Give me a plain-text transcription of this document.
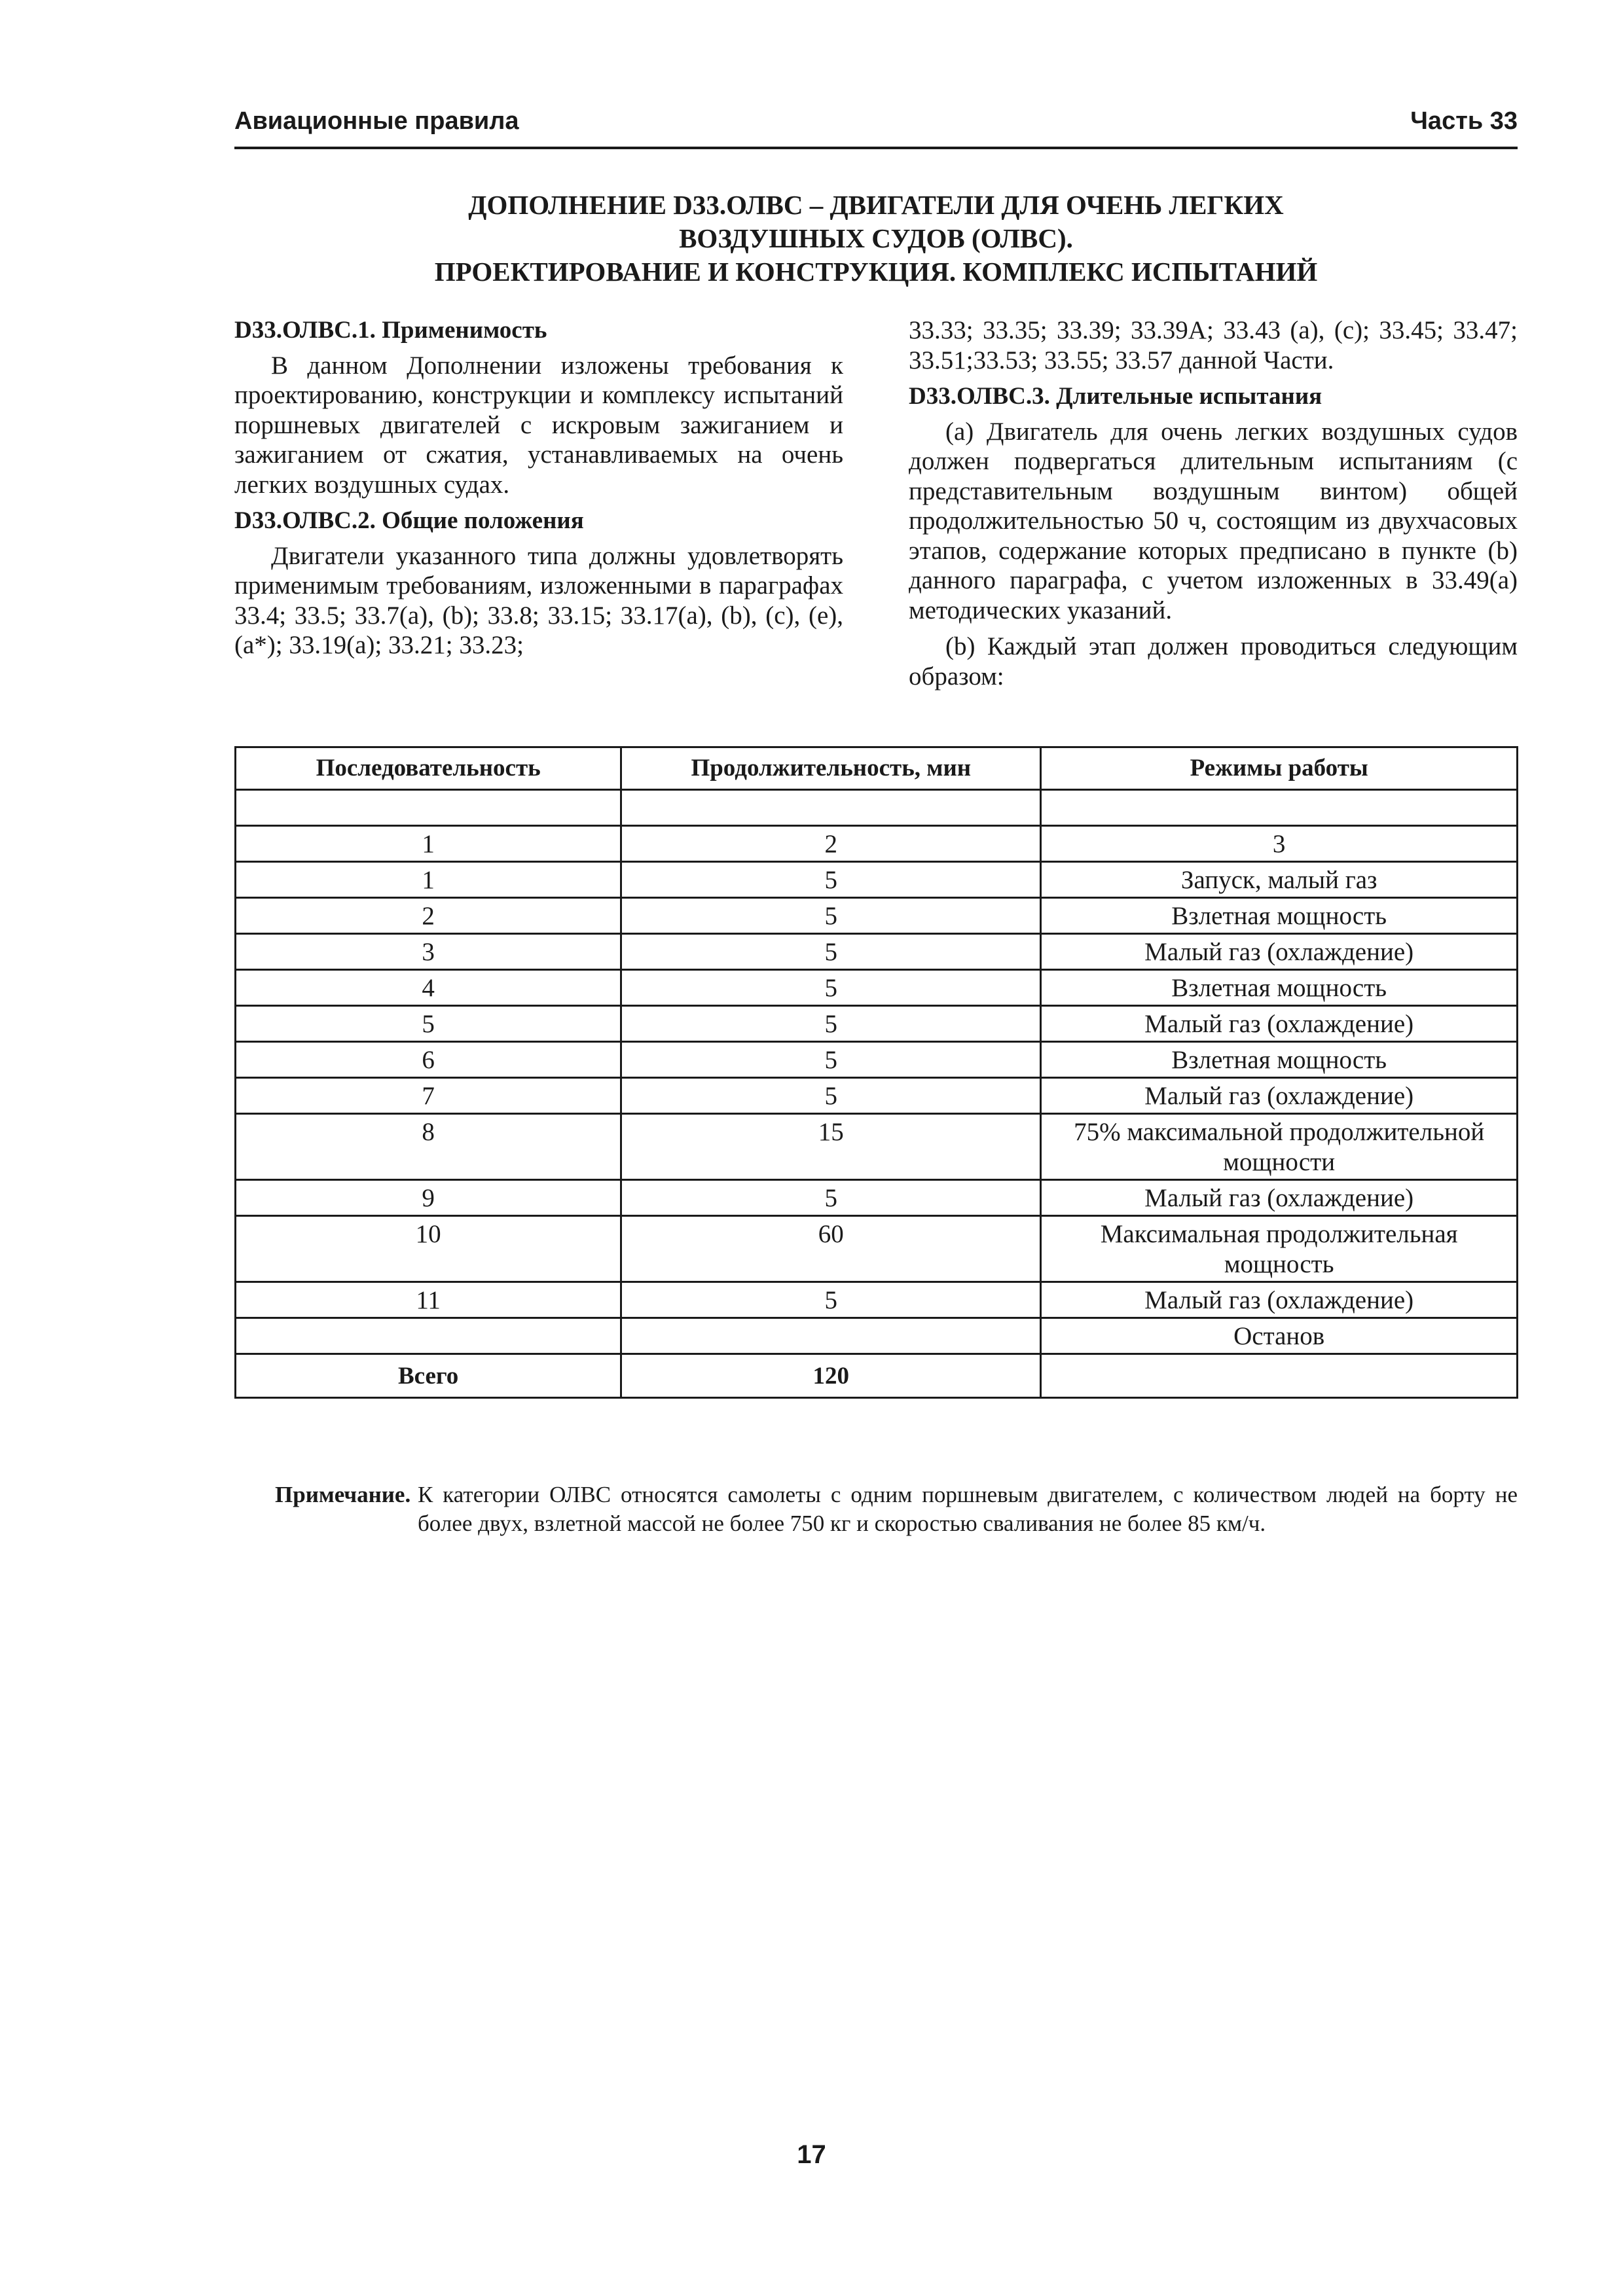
Авиационные правила	Часть 33
ДОПОЛНЕНИЕ D33.ОЛВС – ДВИГАТЕЛИ ДЛЯ ОЧЕНЬ ЛЕГКИХ
ВОЗДУШНЫХ СУДОВ (ОЛВС).
ПРОЕКТИРОВАНИЕ И КОНСТРУКЦИЯ. КОМПЛЕКС ИСПЫТАНИЙ
D33.ОЛВС.1. Применимость

В данном Дополнении изложены требования к проектированию, конструкции и комплексу испытаний поршневых двигателей с искровым зажиганием и зажиганием от сжатия, устанавливаемых на очень легких воздушных судах.

D33.ОЛВС.2. Общие положения

Двигатели указанного типа должны удовлетворять применимым требованиям, изложенными в параграфах 33.4; 33.5; 33.7(a), (b); 33.8; 33.15; 33.17(a), (b), (c), (e), (a*); 33.19(a); 33.21; 33.23;

33.33; 33.35; 33.39; 33.39A; 33.43 (a), (c); 33.45; 33.47; 33.51;33.53; 33.55; 33.57 данной Части.

D33.ОЛВС.3. Длительные испытания

(a) Двигатель для очень легких воздушных судов должен подвергаться длительным испытаниям (с представительным воздушным винтом) общей продолжительностью 50 ч, состоящим из двухчасовых этапов, содержание которых предписано в пункте (b) данного параграфа, с учетом изложенных в 33.49(a) методических указаний.

(b) Каждый этап должен проводиться следующим образом:

Последовательность	Продолжительность, мин	Режимы работы

1	2	3
1	5	Запуск, малый газ
2	5	Взлетная мощность
3	5	Малый газ (охлаждение)
4	5	Взлетная мощность
5	5	Малый газ (охлаждение)
6	5	Взлетная мощность
7	5	Малый газ (охлаждение)
8	15	75% максимальной продолжительной мощности
9	5	Малый газ (охлаждение)
10	60	Максимальная продолжительная мощность
11	5	Малый газ (охлаждение)
		Останов
Всего	120	
Примечание. К категории ОЛВС относятся самолеты с одним поршневым двигателем, с количеством людей на борту не более двух, взлетной массой не более 750 кг и скоростью сваливания не более 85 км/ч.
17
